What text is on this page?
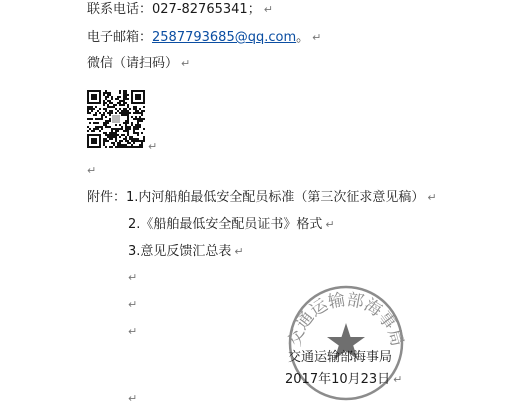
联系电话：027-82765341； ↵
电子邮箱：2587793685@qq.com。 ↵
微信（请扫码） ↵
↵
↵
附件：1.内河船舶最低安全配员标准（第三次征求意见稿） ↵
2.《船舶最低安全配员证书》格式 ↵
3.意见反馈汇总表 ↵
↵
↵
↵	交通运输部海事局
交通运输部海事局
2017年10月23日 ↵
↵
